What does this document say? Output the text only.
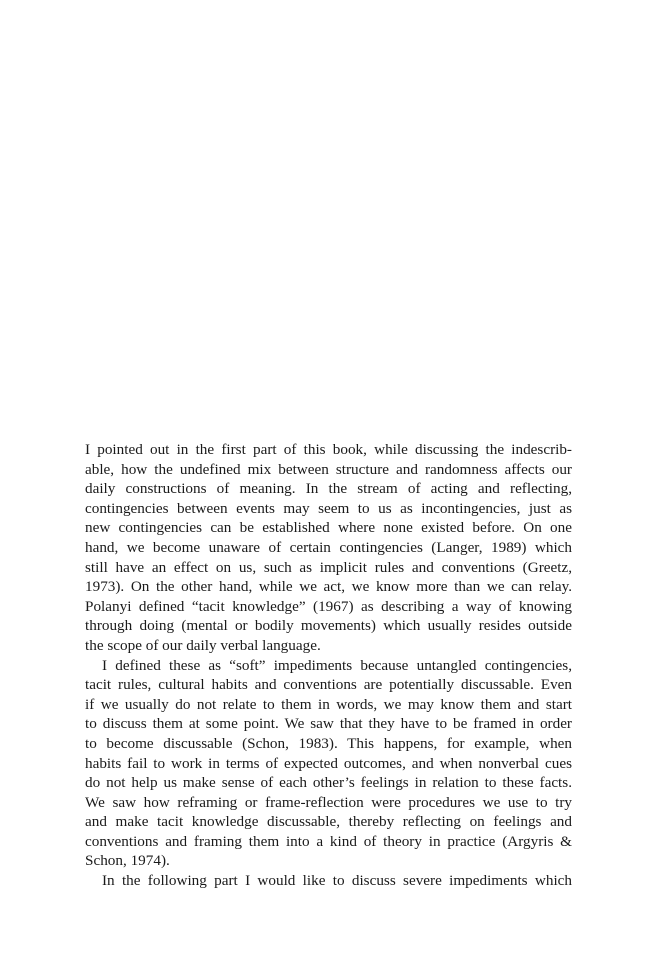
I pointed out in the first part of this book, while discussing the indescrib-
able, how the undefined mix between structure and randomness affects our
daily constructions of meaning. In the stream of acting and reflecting,
contingencies between events may seem to us as incontingencies, just as
new contingencies can be established where none existed before. On one
hand, we become unaware of certain contingencies (Langer, 1989) which
still have an effect on us, such as implicit rules and conventions (Greetz,
1973). On the other hand, while we act, we know more than we can relay.
Polanyi defined “tacit knowledge” (1967) as describing a way of knowing
through doing (mental or bodily movements) which usually resides outside
the scope of our daily verbal language.

I defined these as “soft” impediments because untangled contingencies,
tacit rules, cultural habits and conventions are potentially discussable. Even
if we usually do not relate to them in words, we may know them and start
to discuss them at some point. We saw that they have to be framed in order
to become discussable (Schon, 1983). This happens, for example, when
habits fail to work in terms of expected outcomes, and when nonverbal cues
do not help us make sense of each other’s feelings in relation to these facts.
We saw how reframing or frame-reflection were procedures we use to try
and make tacit knowledge discussable, thereby reflecting on feelings and
conventions and framing them into a kind of theory in practice (Argyris &
Schon, 1974).

In the following part I would like to discuss severe impediments which
